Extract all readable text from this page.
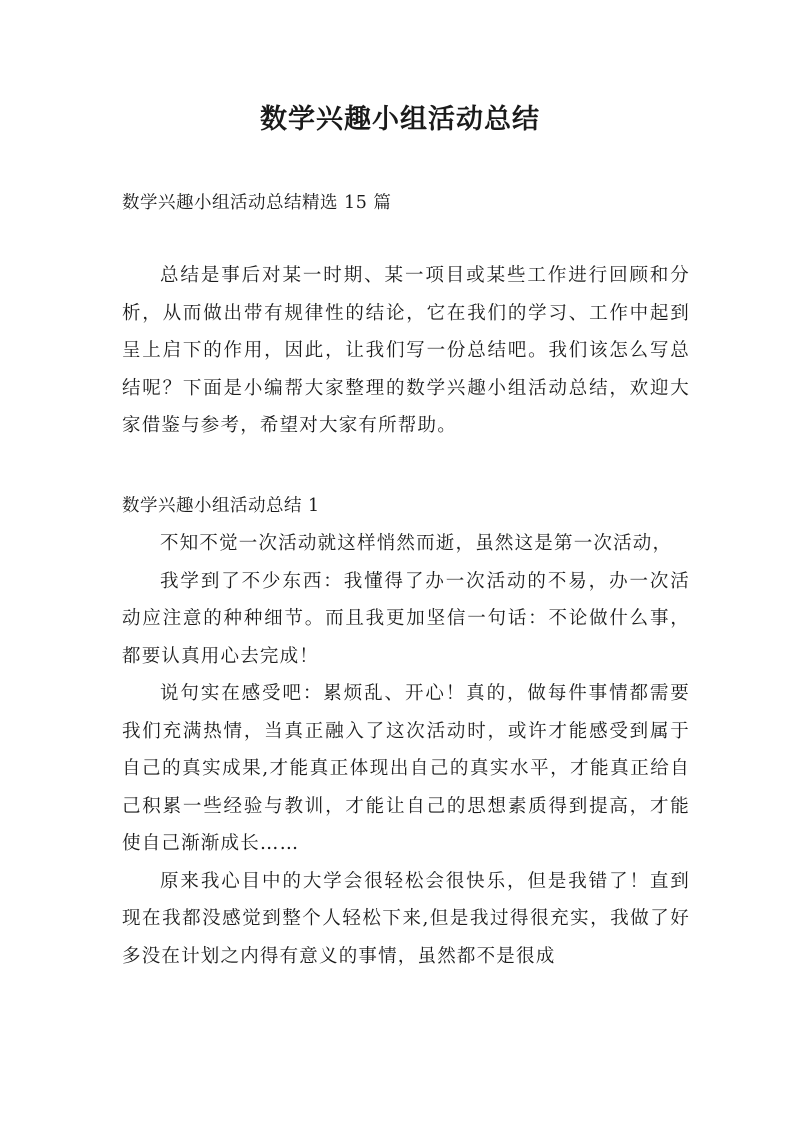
数学兴趣小组活动总结
数学兴趣小组活动总结精选 15 篇

总结是事后对某一时期、某一项目或某些工作进行回顾和分析，从而做出带有规律性的结论，它在我们的学习、工作中起到呈上启下的作用，因此，让我们写一份总结吧。我们该怎么写总结呢？下面是小编帮大家整理的数学兴趣小组活动总结，欢迎大家借鉴与参考，希望对大家有所帮助。

数学兴趣小组活动总结 1

不知不觉一次活动就这样悄然而逝，虽然这是第一次活动，

我学到了不少东西：我懂得了办一次活动的不易，办一次活动应注意的种种细节。而且我更加坚信一句话：不论做什么事，都要认真用心去完成！

说句实在感受吧：累烦乱、开心！真的，做每件事情都需要我们充满热情，当真正融入了这次活动时，或许才能感受到属于自己的真实成果,才能真正体现出自己的真实水平，才能真正给自己积累一些经验与教训，才能让自己的思想素质得到提高，才能使自己渐渐成长……

原来我心目中的大学会很轻松会很快乐，但是我错了！直到现在我都没感觉到整个人轻松下来,但是我过得很充实，我做了好多没在计划之内得有意义的事情，虽然都不是很成
